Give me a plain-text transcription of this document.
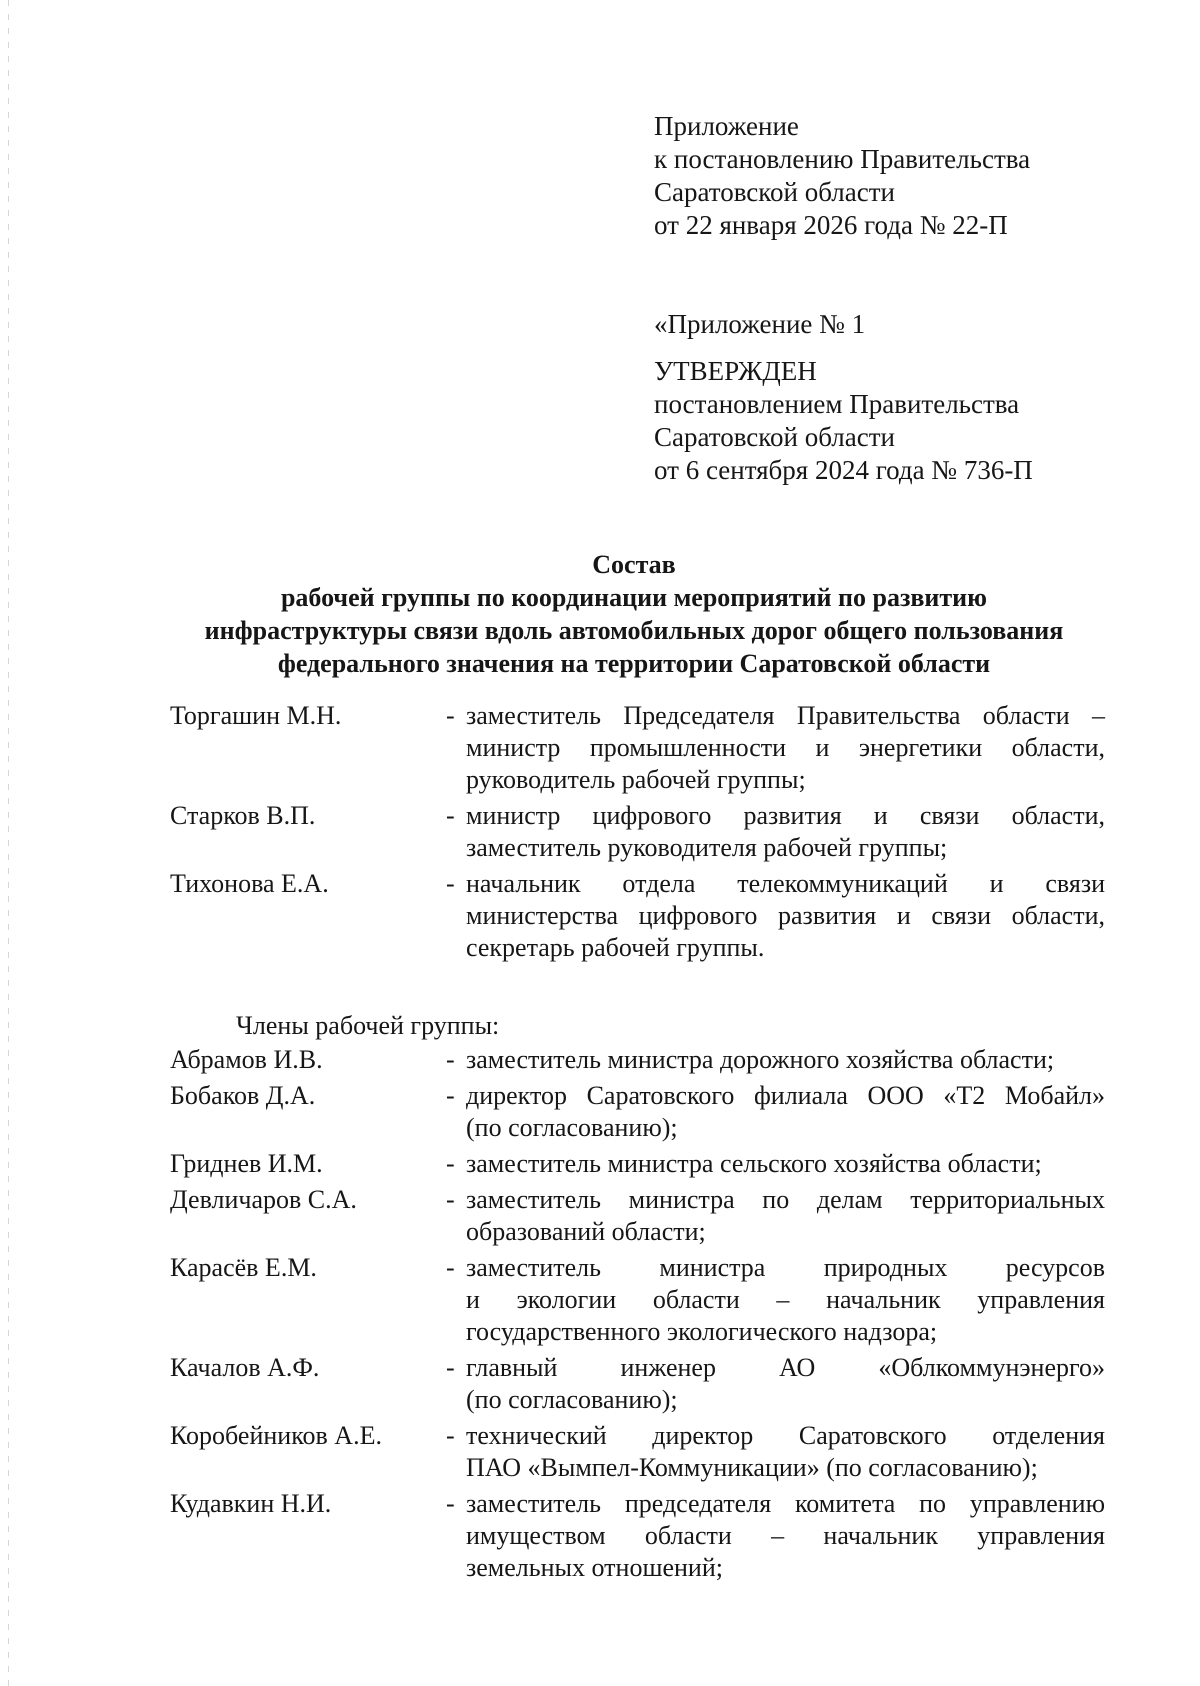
Приложение
к постановлению Правительства
Саратовской области
от 22 января 2026 года № 22-П
«Приложение № 1
УТВЕРЖДЕН
постановлением Правительства
Саратовской области
от 6 сентября 2024 года № 736-П
Состав
рабочей группы по координации мероприятий по развитию
инфраструктуры связи вдоль автомобильных дорог общего пользования
федерального значения на территории Саратовской области
Торгашин М.Н.	- заместитель Председателя Правительства области –
министр промышленности и энергетики области,
руководитель рабочей группы;
Старков В.П.	- министр цифрового развития и связи области,
заместитель руководителя рабочей группы;
Тихонова Е.А.	- начальник отдела телекоммуникаций и связи
министерства цифрового развития и связи области,
секретарь рабочей группы.
Члены рабочей группы:
Абрамов И.В.	- заместитель министра дорожного хозяйства области;
Бобаков Д.А.	- директор Саратовского филиала ООО «Т2 Мобайл»
(по согласованию);
Гриднев И.М.	- заместитель министра сельского хозяйства области;
Девличаров С.А.	- заместитель министра по делам территориальных
образований области;
Карасёв Е.М.	- заместитель министра природных ресурсов
и экологии области – начальник управления
государственного экологического надзора;
Качалов А.Ф.	- главный инженер АО «Облкоммунэнерго»
(по согласованию);
Коробейников А.Е. - технический директор Саратовского отделения
ПАО «Вымпел-Коммуникации» (по согласованию);
Кудавкин Н.И.	- заместитель председателя комитета по управлению
имуществом области – начальник управления
земельных отношений;
